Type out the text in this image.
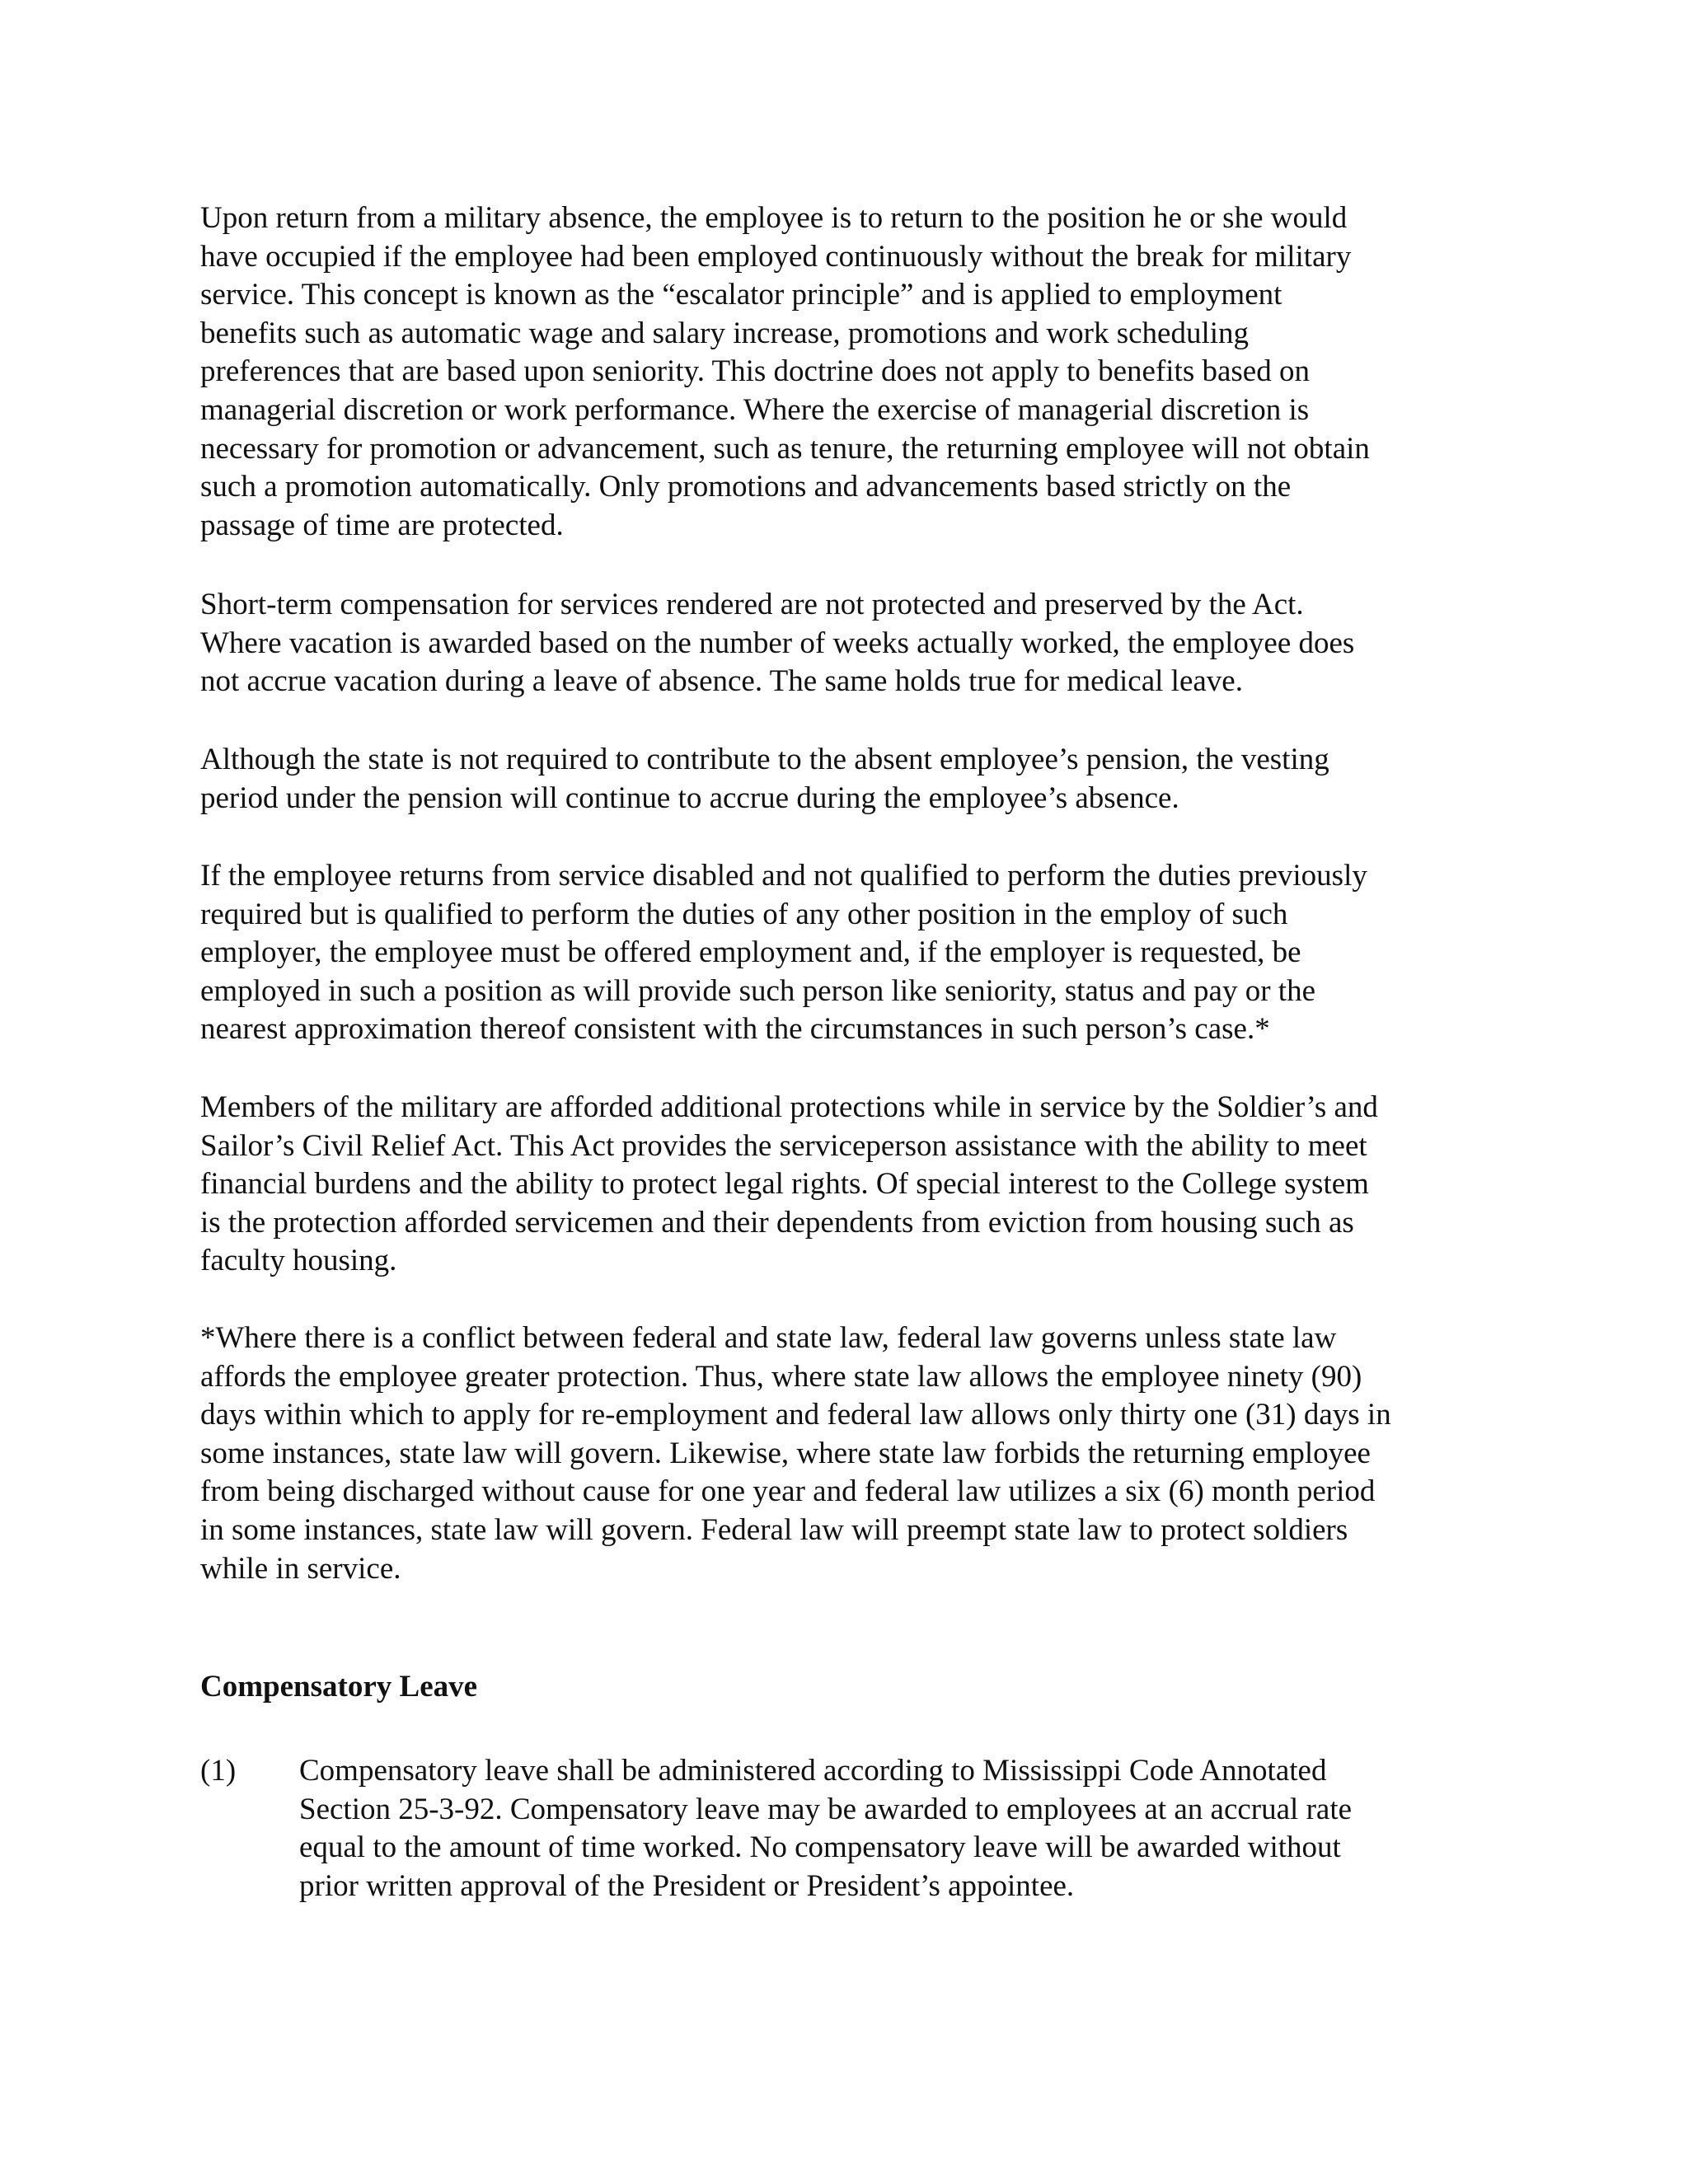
Upon return from a military absence, the employee is to return to the position he or she would
have occupied if the employee had been employed continuously without the break for military
service. This concept is known as the “escalator principle” and is applied to employment
benefits such as automatic wage and salary increase, promotions and work scheduling
preferences that are based upon seniority. This doctrine does not apply to benefits based on
managerial discretion or work performance. Where the exercise of managerial discretion is
necessary for promotion or advancement, such as tenure, the returning employee will not obtain
such a promotion automatically. Only promotions and advancements based strictly on the
passage of time are protected.
Short-term compensation for services rendered are not protected and preserved by the Act.
Where vacation is awarded based on the number of weeks actually worked, the employee does
not accrue vacation during a leave of absence. The same holds true for medical leave.
Although the state is not required to contribute to the absent employee’s pension, the vesting
period under the pension will continue to accrue during the employee’s absence.
If the employee returns from service disabled and not qualified to perform the duties previously
required but is qualified to perform the duties of any other position in the employ of such
employer, the employee must be offered employment and, if the employer is requested, be
employed in such a position as will provide such person like seniority, status and pay or the
nearest approximation thereof consistent with the circumstances in such person’s case.*
Members of the military are afforded additional protections while in service by the Soldier’s and
Sailor’s Civil Relief Act. This Act provides the serviceperson assistance with the ability to meet
financial burdens and the ability to protect legal rights. Of special interest to the College system
is the protection afforded servicemen and their dependents from eviction from housing such as
faculty housing.
*Where there is a conflict between federal and state law, federal law governs unless state law
affords the employee greater protection. Thus, where state law allows the employee ninety (90)
days within which to apply for re-employment and federal law allows only thirty one (31) days in
some instances, state law will govern. Likewise, where state law forbids the returning employee
from being discharged without cause for one year and federal law utilizes a six (6) month period
in some instances, state law will govern. Federal law will preempt state law to protect soldiers
while in service.
Compensatory Leave
(1) Compensatory leave shall be administered according to Mississippi Code Annotated
Section 25-3-92. Compensatory leave may be awarded to employees at an accrual rate
equal to the amount of time worked. No compensatory leave will be awarded without
prior written approval of the President or President’s appointee.
